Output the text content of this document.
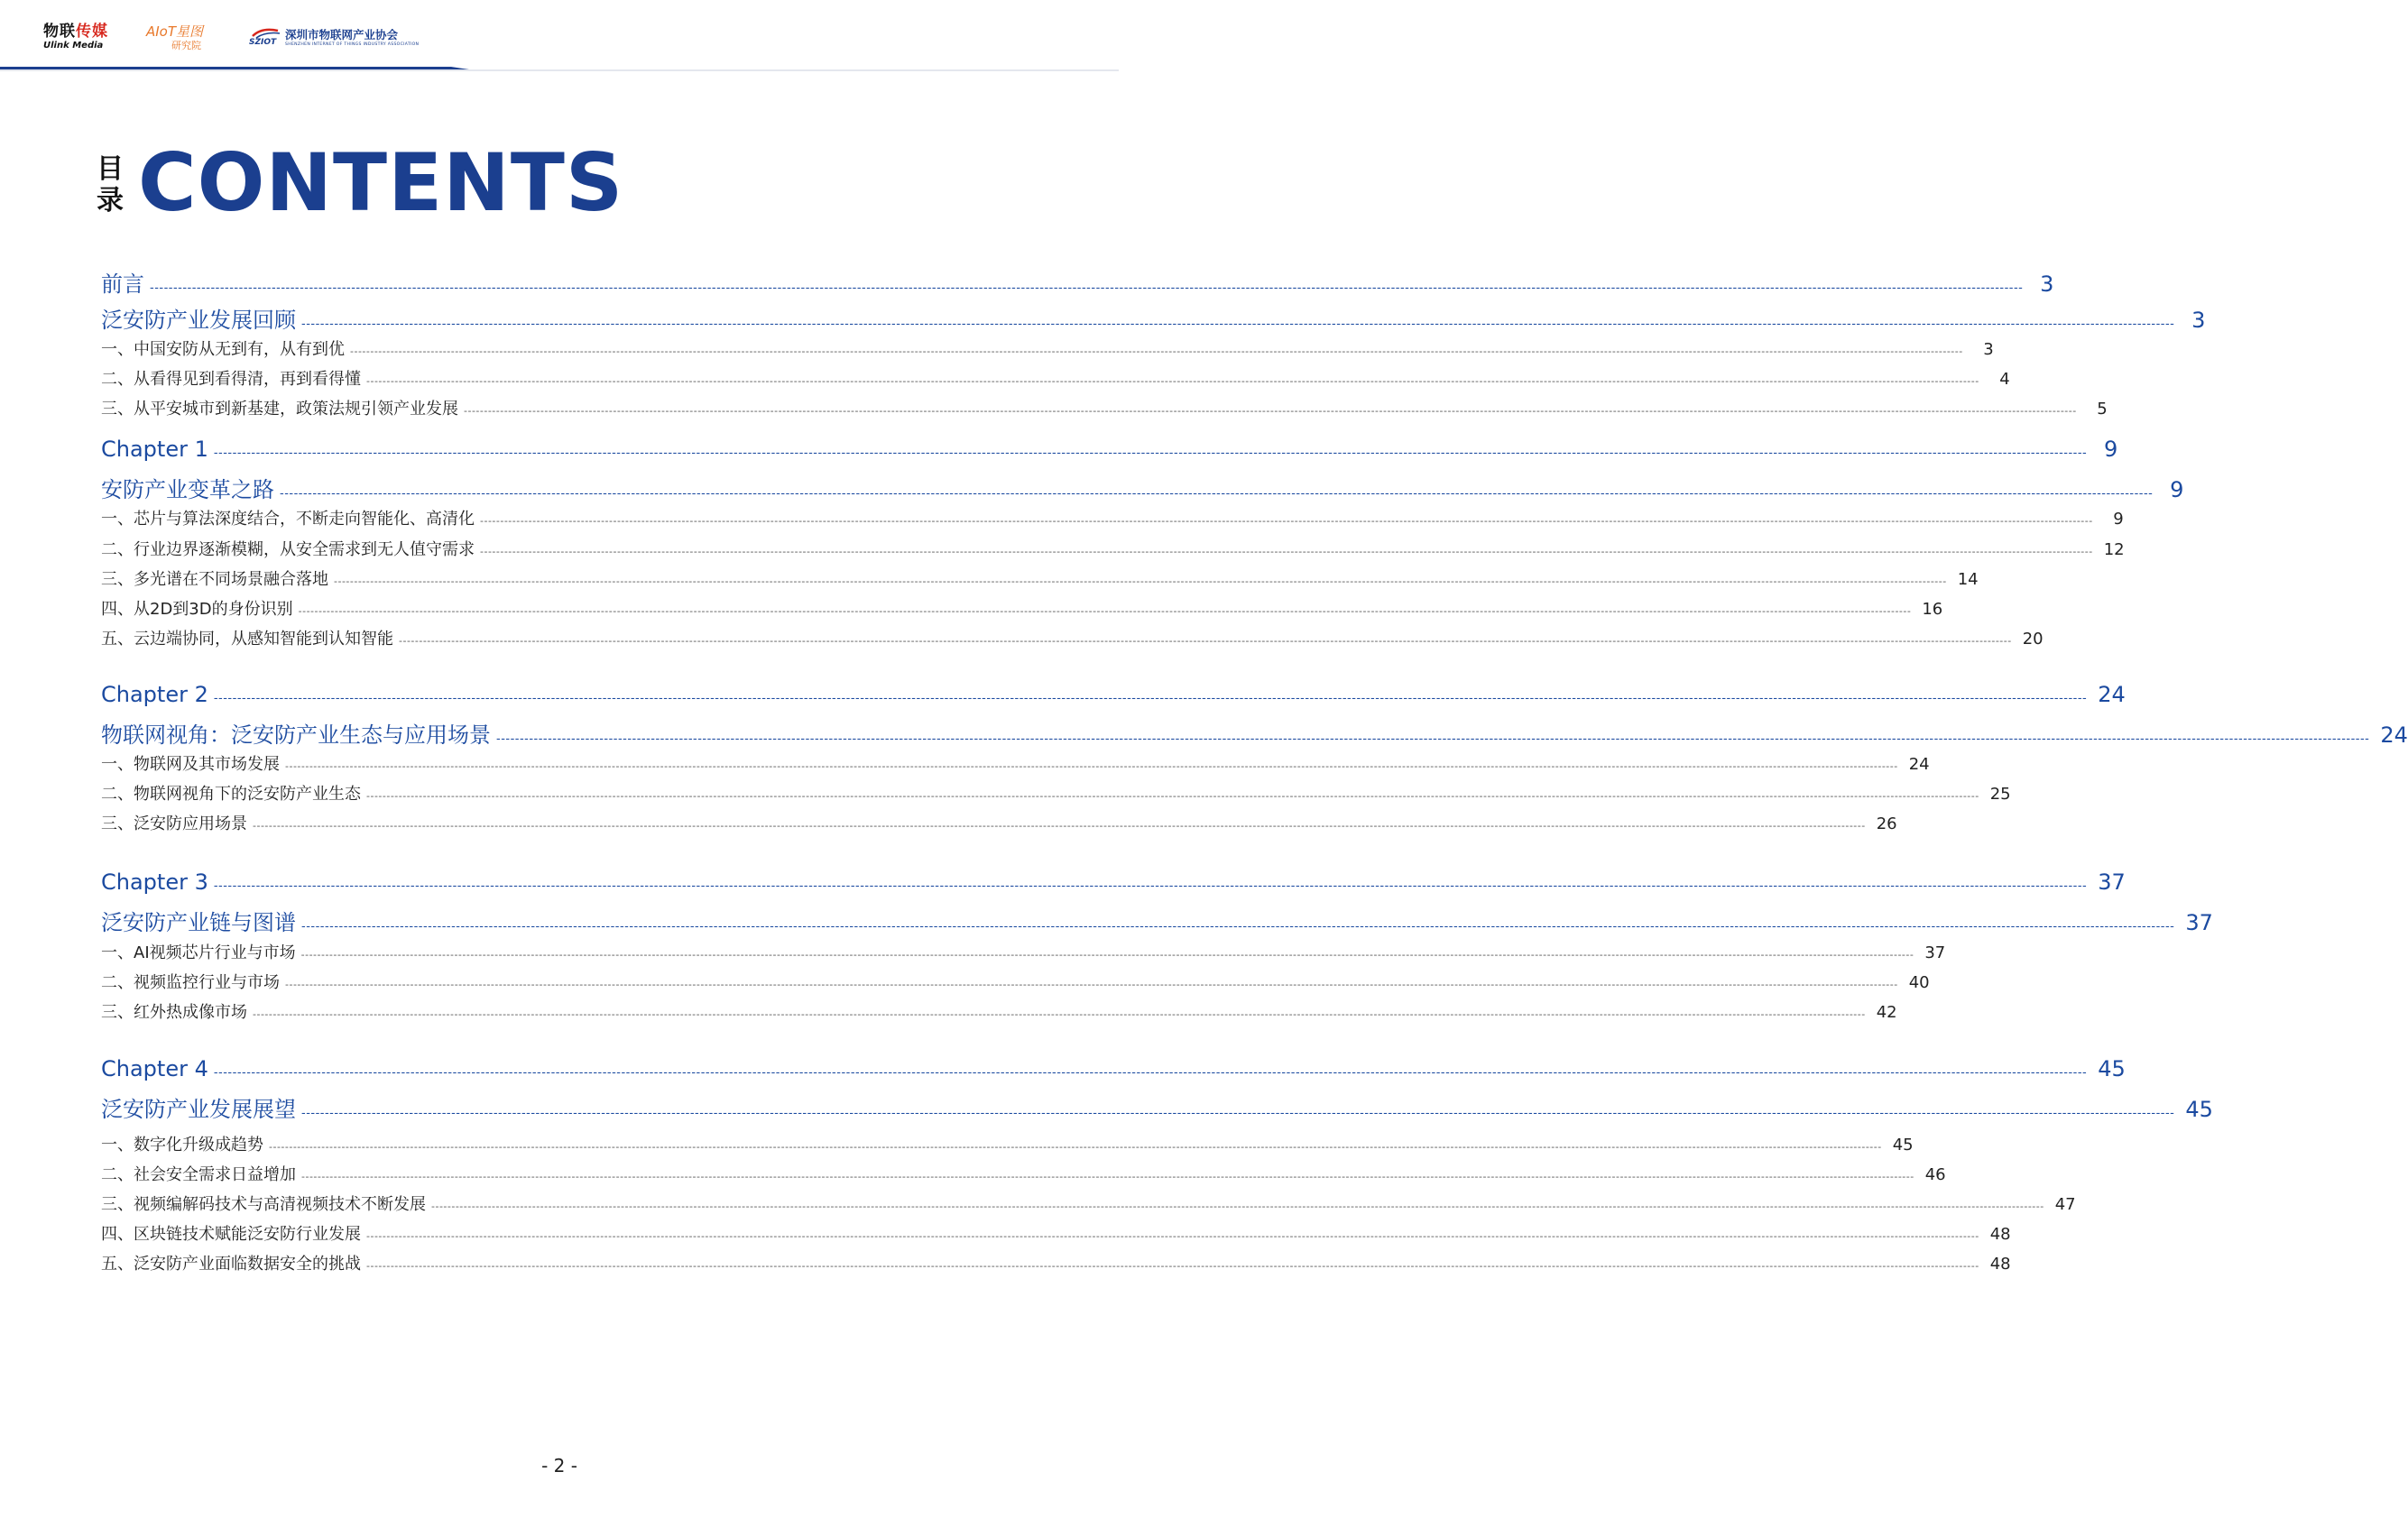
物联传媒
Ulink Media
AIoT星图
研究院	SZIOT
深圳市物联网产业协会
SHENZHEN INTERNET OF THINGS INDUSTRY ASSOCIATION
目
录 CONTENTS
前言 ---------------------------------------------------------------------------------------------------------------------------------------------------------------------------------------------------------------------------------------------------------------------------------------------------------------------------------------------------------------------------------------------------------------- 3
泛安防产业发展回顾 ---------------------------------------------------------------------------------------------------------------------------------------------------------------------------------------------------------------------------------------------------------------------------------------------------------------------------------------------------------------------------------------------------------------- 3
一、中国安防从无到有，从有到优 ----------------------------------------------------------------------------------------------------------------------------------------------------------------------------------------------------------------------------------------------------------------------------------------------------------------------------------------------------------------------------------------------------------------	3
二、从看得见到看得清，再到看得懂 ----------------------------------------------------------------------------------------------------------------------------------------------------------------------------------------------------------------------------------------------------------------------------------------------------------------------------------------------------------------------------------------------------------------	4
三、从平安城市到新基建，政策法规引领产业发展 ----------------------------------------------------------------------------------------------------------------------------------------------------------------------------------------------------------------------------------------------------------------------------------------------------------------------------------------------------------------------------------------------------------------	5
Chapter 1 ---------------------------------------------------------------------------------------------------------------------------------------------------------------------------------------------------------------------------------------------------------------------------------------------------------------------------------------------------------------------------------------------------------------- 9
安防产业变革之路 ---------------------------------------------------------------------------------------------------------------------------------------------------------------------------------------------------------------------------------------------------------------------------------------------------------------------------------------------------------------------------------------------------------------- 9
一、芯片与算法深度结合，不断走向智能化、高清化 ----------------------------------------------------------------------------------------------------------------------------------------------------------------------------------------------------------------------------------------------------------------------------------------------------------------------------------------------------------------------------------------------------------------	9
二、行业边界逐渐模糊，从安全需求到无人值守需求 ---------------------------------------------------------------------------------------------------------------------------------------------------------------------------------------------------------------------------------------------------------------------------------------------------------------------------------------------------------------------------------------------------------------- 12
三、多光谱在不同场景融合落地 ---------------------------------------------------------------------------------------------------------------------------------------------------------------------------------------------------------------------------------------------------------------------------------------------------------------------------------------------------------------------------------------------------------------- 14
四、从2D到3D的身份识别 ---------------------------------------------------------------------------------------------------------------------------------------------------------------------------------------------------------------------------------------------------------------------------------------------------------------------------------------------------------------------------------------------------------------- 16
五、云边端协同，从感知智能到认知智能 ---------------------------------------------------------------------------------------------------------------------------------------------------------------------------------------------------------------------------------------------------------------------------------------------------------------------------------------------------------------------------------------------------------------- 20
Chapter 2 ---------------------------------------------------------------------------------------------------------------------------------------------------------------------------------------------------------------------------------------------------------------------------------------------------------------------------------------------------------------------------------------------------------------- 24
物联网视角：泛安防产业生态与应用场景 ---------------------------------------------------------------------------------------------------------------------------------------------------------------------------------------------------------------------------------------------------------------------------------------------------------------------------------------------------------------------------------------------------------------- 24
一、物联网及其市场发展 ---------------------------------------------------------------------------------------------------------------------------------------------------------------------------------------------------------------------------------------------------------------------------------------------------------------------------------------------------------------------------------------------------------------- 24
二、物联网视角下的泛安防产业生态 ---------------------------------------------------------------------------------------------------------------------------------------------------------------------------------------------------------------------------------------------------------------------------------------------------------------------------------------------------------------------------------------------------------------- 25
三、泛安防应用场景 ---------------------------------------------------------------------------------------------------------------------------------------------------------------------------------------------------------------------------------------------------------------------------------------------------------------------------------------------------------------------------------------------------------------- 26
Chapter 3 ---------------------------------------------------------------------------------------------------------------------------------------------------------------------------------------------------------------------------------------------------------------------------------------------------------------------------------------------------------------------------------------------------------------- 37
泛安防产业链与图谱 ---------------------------------------------------------------------------------------------------------------------------------------------------------------------------------------------------------------------------------------------------------------------------------------------------------------------------------------------------------------------------------------------------------------- 37
一、AI视频芯片行业与市场 ---------------------------------------------------------------------------------------------------------------------------------------------------------------------------------------------------------------------------------------------------------------------------------------------------------------------------------------------------------------------------------------------------------------- 37
二、视频监控行业与市场 ---------------------------------------------------------------------------------------------------------------------------------------------------------------------------------------------------------------------------------------------------------------------------------------------------------------------------------------------------------------------------------------------------------------- 40
三、红外热成像市场 ---------------------------------------------------------------------------------------------------------------------------------------------------------------------------------------------------------------------------------------------------------------------------------------------------------------------------------------------------------------------------------------------------------------- 42
Chapter 4 ---------------------------------------------------------------------------------------------------------------------------------------------------------------------------------------------------------------------------------------------------------------------------------------------------------------------------------------------------------------------------------------------------------------- 45
泛安防产业发展展望 ---------------------------------------------------------------------------------------------------------------------------------------------------------------------------------------------------------------------------------------------------------------------------------------------------------------------------------------------------------------------------------------------------------------- 45
一、数字化升级成趋势 ---------------------------------------------------------------------------------------------------------------------------------------------------------------------------------------------------------------------------------------------------------------------------------------------------------------------------------------------------------------------------------------------------------------- 45
二、社会安全需求日益增加 ---------------------------------------------------------------------------------------------------------------------------------------------------------------------------------------------------------------------------------------------------------------------------------------------------------------------------------------------------------------------------------------------------------------- 46
三、视频编解码技术与高清视频技术不断发展 ---------------------------------------------------------------------------------------------------------------------------------------------------------------------------------------------------------------------------------------------------------------------------------------------------------------------------------------------------------------------------------------------------------------- 47
四、区块链技术赋能泛安防行业发展 ---------------------------------------------------------------------------------------------------------------------------------------------------------------------------------------------------------------------------------------------------------------------------------------------------------------------------------------------------------------------------------------------------------------- 48
五、泛安防产业面临数据安全的挑战 ---------------------------------------------------------------------------------------------------------------------------------------------------------------------------------------------------------------------------------------------------------------------------------------------------------------------------------------------------------------------------------------------------------------- 48
- 2 -
